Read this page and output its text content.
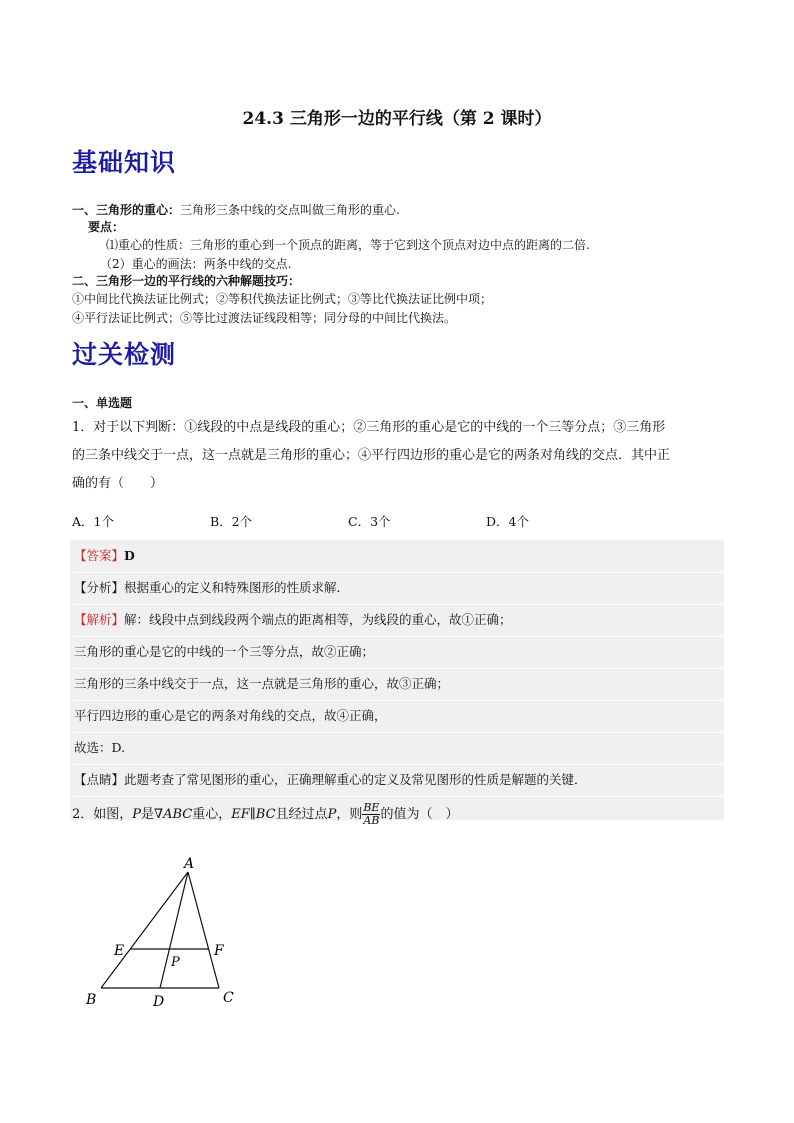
24.3 三角形一边的平行线（第 2 课时）
基础知识
一、三角形的重心：三角形三条中线的交点叫做三角形的重心.
要点：
⑴重心的性质：三角形的重心到一个顶点的距离，等于它到这个顶点对边中点的距离的二倍.
（2）重心的画法：两条中线的交点.
二、三角形一边的平行线的六种解题技巧：
①中间比代换法证比例式；②等积代换法证比例式；③等比代换法证比例中项；
④平行法证比例式；⑤等比过渡法证线段相等；同分母的中间比代换法。
过关检测
一、单选题
1．对于以下判断：①线段的中点是线段的重心；②三角形的重心是它的中线的一个三等分点；③三角形
的三条中线交于一点，这一点就是三角形的重心；④平行四边形的重心是它的两条对角线的交点．其中正
确的有（　　）
A．1个	B．2个	C．3个	D．4个
【答案】D
【分析】根据重心的定义和特殊图形的性质求解．
【解析】解：线段中点到线段两个端点的距离相等，为线段的重心，故①正确；
三角形的重心是它的中线的一个三等分点，故②正确；
三角形的三条中线交于一点，这一点就是三角形的重心，故③正确；
平行四边形的重心是它的两条对角线的交点，故④正确，
故选：D.
【点睛】此题考查了常见图形的重心，正确理解重心的定义及常见图形的性质是解题的关键．
2．如图，P是∇ABC重心，EF∥BC且经过点P，则 $\frac{BE}{AB}$ 的值为（　）
A
B	C
D
E	F
P
